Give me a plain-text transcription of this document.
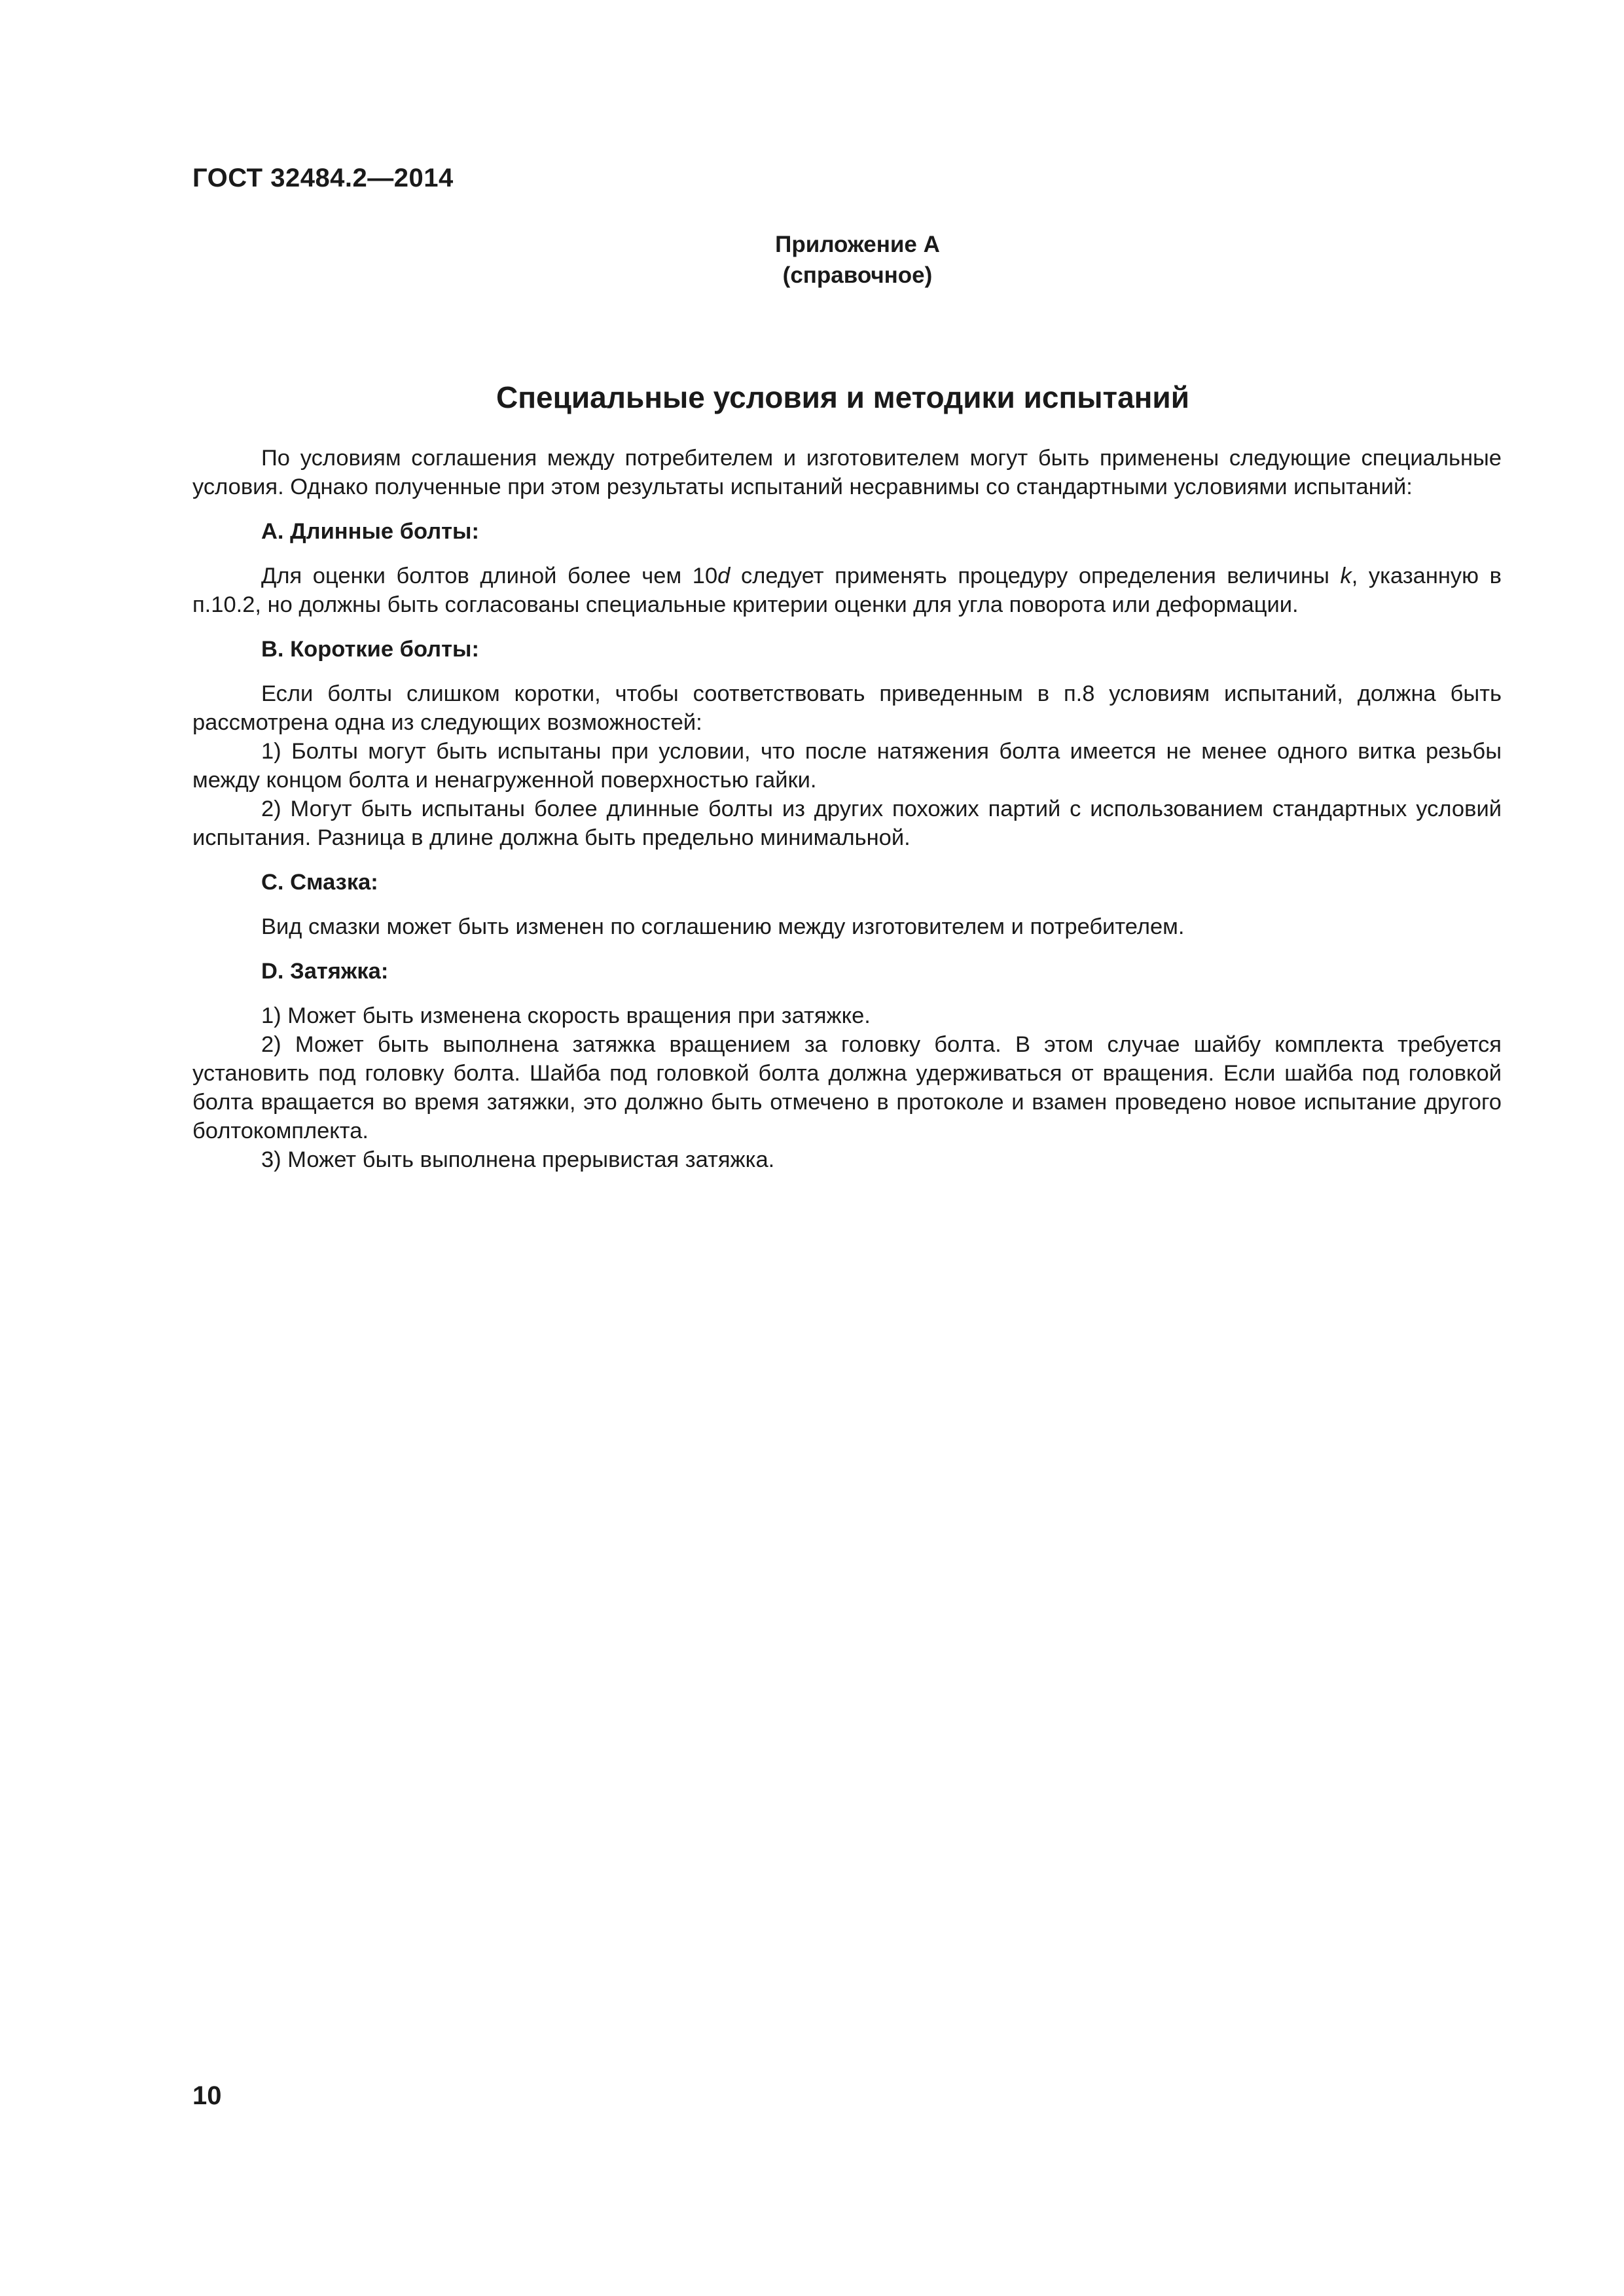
ГОСТ 32484.2—2014
Приложение А
(справочное)
Специальные условия и методики испытаний

По условиям соглашения между потребителем и изготовителем могут быть применены следующие специальные условия. Однако полученные при этом результаты испытаний несравнимы со стандартными условиями испытаний:

А. Длинные болты:

Для оценки болтов длиной более чем 10d следует применять процедуру определения величины k, указанную в п.10.2, но должны быть согласованы специальные критерии оценки для угла поворота или деформации.

В. Короткие болты:

Если болты слишком коротки, чтобы соответствовать приведенным в п.8 условиям испытаний, должна быть рассмотрена одна из следующих возможностей:

1) Болты могут быть испытаны при условии, что после натяжения болта имеется не менее одного витка резьбы между концом болта и ненагруженной поверхностью гайки.

2) Могут быть испытаны более длинные болты из других похожих партий с использованием стандартных условий испытания. Разница в длине должна быть предельно минимальной.

С. Смазка:

Вид смазки может быть изменен по соглашению между изготовителем и потребителем.

D. Затяжка:

1) Может быть изменена скорость вращения при затяжке.

2) Может быть выполнена затяжка вращением за головку болта. В этом случае шайбу комплекта требуется установить под головку болта. Шайба под головкой болта должна удерживаться от вращения. Если шайба под головкой болта вращается во время затяжки, это должно быть отмечено в протоколе и взамен проведено новое испытание другого болтокомплекта.

3) Может быть выполнена прерывистая затяжка.

10
